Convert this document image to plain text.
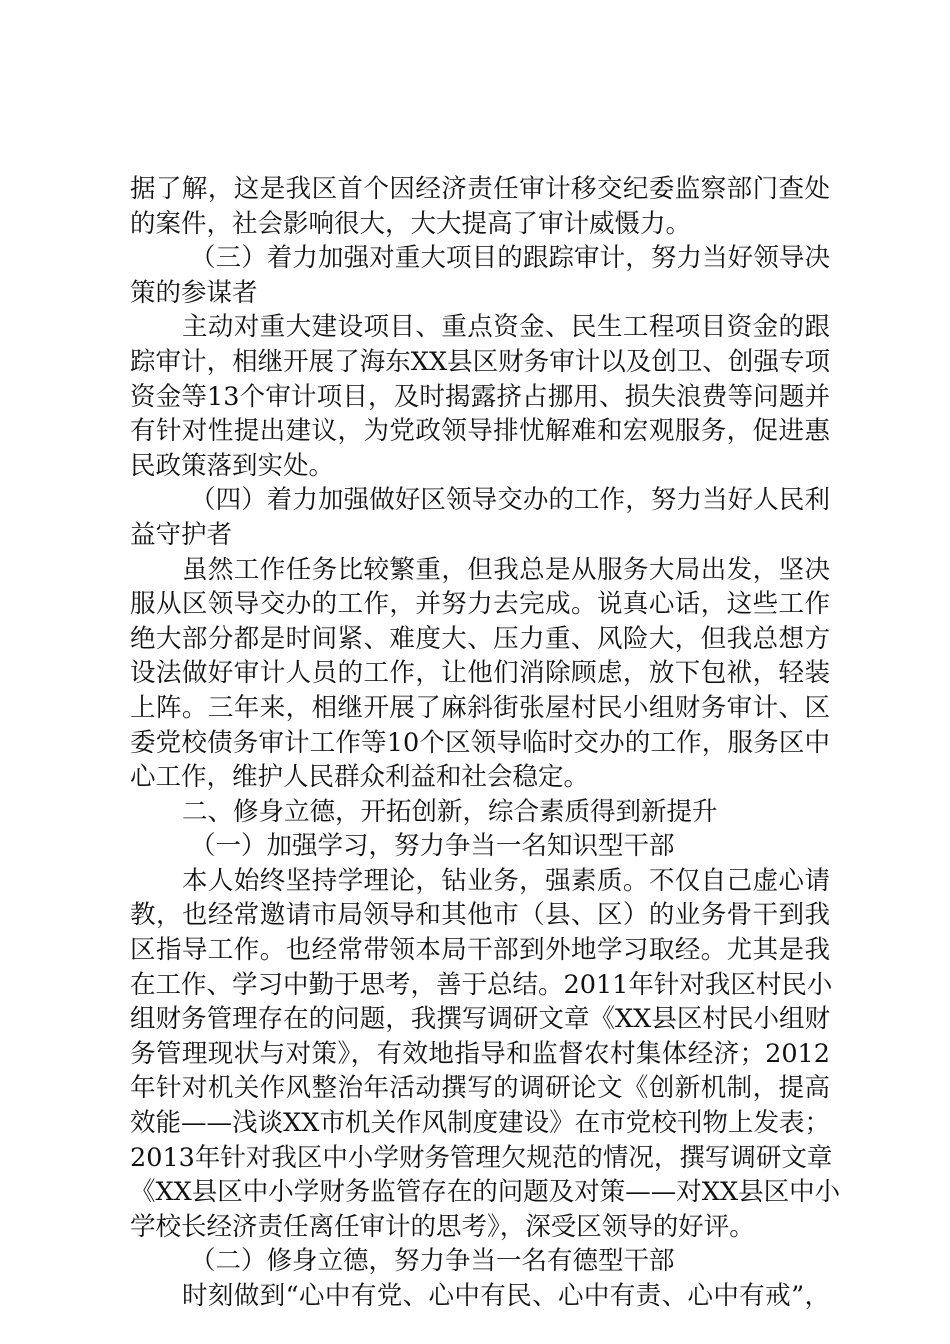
据了解，这是我区首个因经济责任审计移交纪委监察部门查处
的案件，社会影响很大，大大提高了审计威慑力。
（三）着力加强对重大项目的跟踪审计，努力当好领导决
策的参谋者
主动对重大建设项目、重点资金、民生工程项目资金的跟
踪审计，相继开展了海东XX县区财务审计以及创卫、创强专项
资金等13个审计项目，及时揭露挤占挪用、损失浪费等问题并
有针对性提出建议，为党政领导排忧解难和宏观服务，促进惠
民政策落到实处。
（四）着力加强做好区领导交办的工作，努力当好人民利
益守护者
虽然工作任务比较繁重，但我总是从服务大局出发，坚决
服从区领导交办的工作，并努力去完成。说真心话，这些工作
绝大部分都是时间紧、难度大、压力重、风险大，但我总想方
设法做好审计人员的工作，让他们消除顾虑，放下包袱，轻装
上阵。三年来，相继开展了麻斜街张屋村民小组财务审计、区
委党校债务审计工作等10个区领导临时交办的工作，服务区中
心工作，维护人民群众利益和社会稳定。
二、修身立德，开拓创新，综合素质得到新提升
（一）加强学习，努力争当一名知识型干部
本人始终坚持学理论，钻业务，强素质。不仅自己虚心请
教，也经常邀请市局领导和其他市（县、区）的业务骨干到我
区指导工作。也经常带领本局干部到外地学习取经。尤其是我
在工作、学习中勤于思考，善于总结。2011年针对我区村民小
组财务管理存在的问题，我撰写调研文章《XX县区村民小组财
务管理现状与对策》，有效地指导和监督农村集体经济；2012
年针对机关作风整治年活动撰写的调研论文《创新机制，提高
效能——浅谈XX市机关作风制度建设》在市党校刊物上发表；
2013年针对我区中小学财务管理欠规范的情况，撰写调研文章
《XX县区中小学财务监管存在的问题及对策——对XX县区中小
学校长经济责任离任审计的思考》，深受区领导的好评。
（二）修身立德，努力争当一名有德型干部
时刻做到“心中有党、心中有民、心中有责、心中有戒”，
